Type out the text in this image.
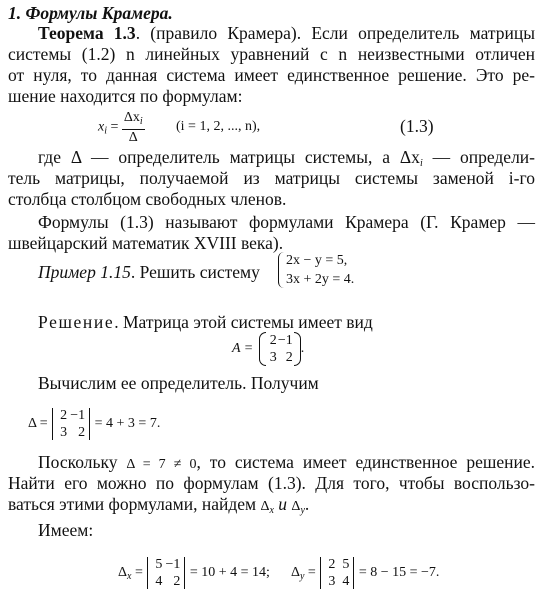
1. Формулы Крамера.
Теорема 1.3. (правило Крамера). Если определитель матрицы
системы (1.2) n линейных уравнений с n неизвестными отличен
от нуля, то данная система имеет единственное решение. Это ре-
шение находится по формулам:
$x_i = \frac{\Delta x_i}{\Delta} (i = 1$, 2, ..., n),	(1.3)
где Δ — определитель матрицы системы, а $\Delta x_i$ — определи-
тель матрицы, получаемой из матрицы системы заменой i-го
столбца столбцом свободных членов.
Формулы (1.3) называют формулами Крамера (Г. Крамер —
швейцарский математик XVIII века).
Пример 1.15. Решить систему
2x − y = 5,
3x + 2y = 4.
Решение. Матрица этой системы имеет вид
A =
2−1
3 2
.
Вычислим ее определитель. Получим
Δ =
2 −1
3 2
= 4 + 3 = 7.
Поскольку Δ = 7 ≠ 0, то система имеет единственное решение.
Найти его можно по формулам (1.3). Для того, чтобы воспользо-
ваться этими формулами, найдем $\Delta_x$ и $\Delta_y$.
Имеем:
$\Delta_x$ =
5 −1
4 2
= 10 + 4 = 14; $\Delta_y$ =
2 5
3 4
= 8 − 15 = −7.
